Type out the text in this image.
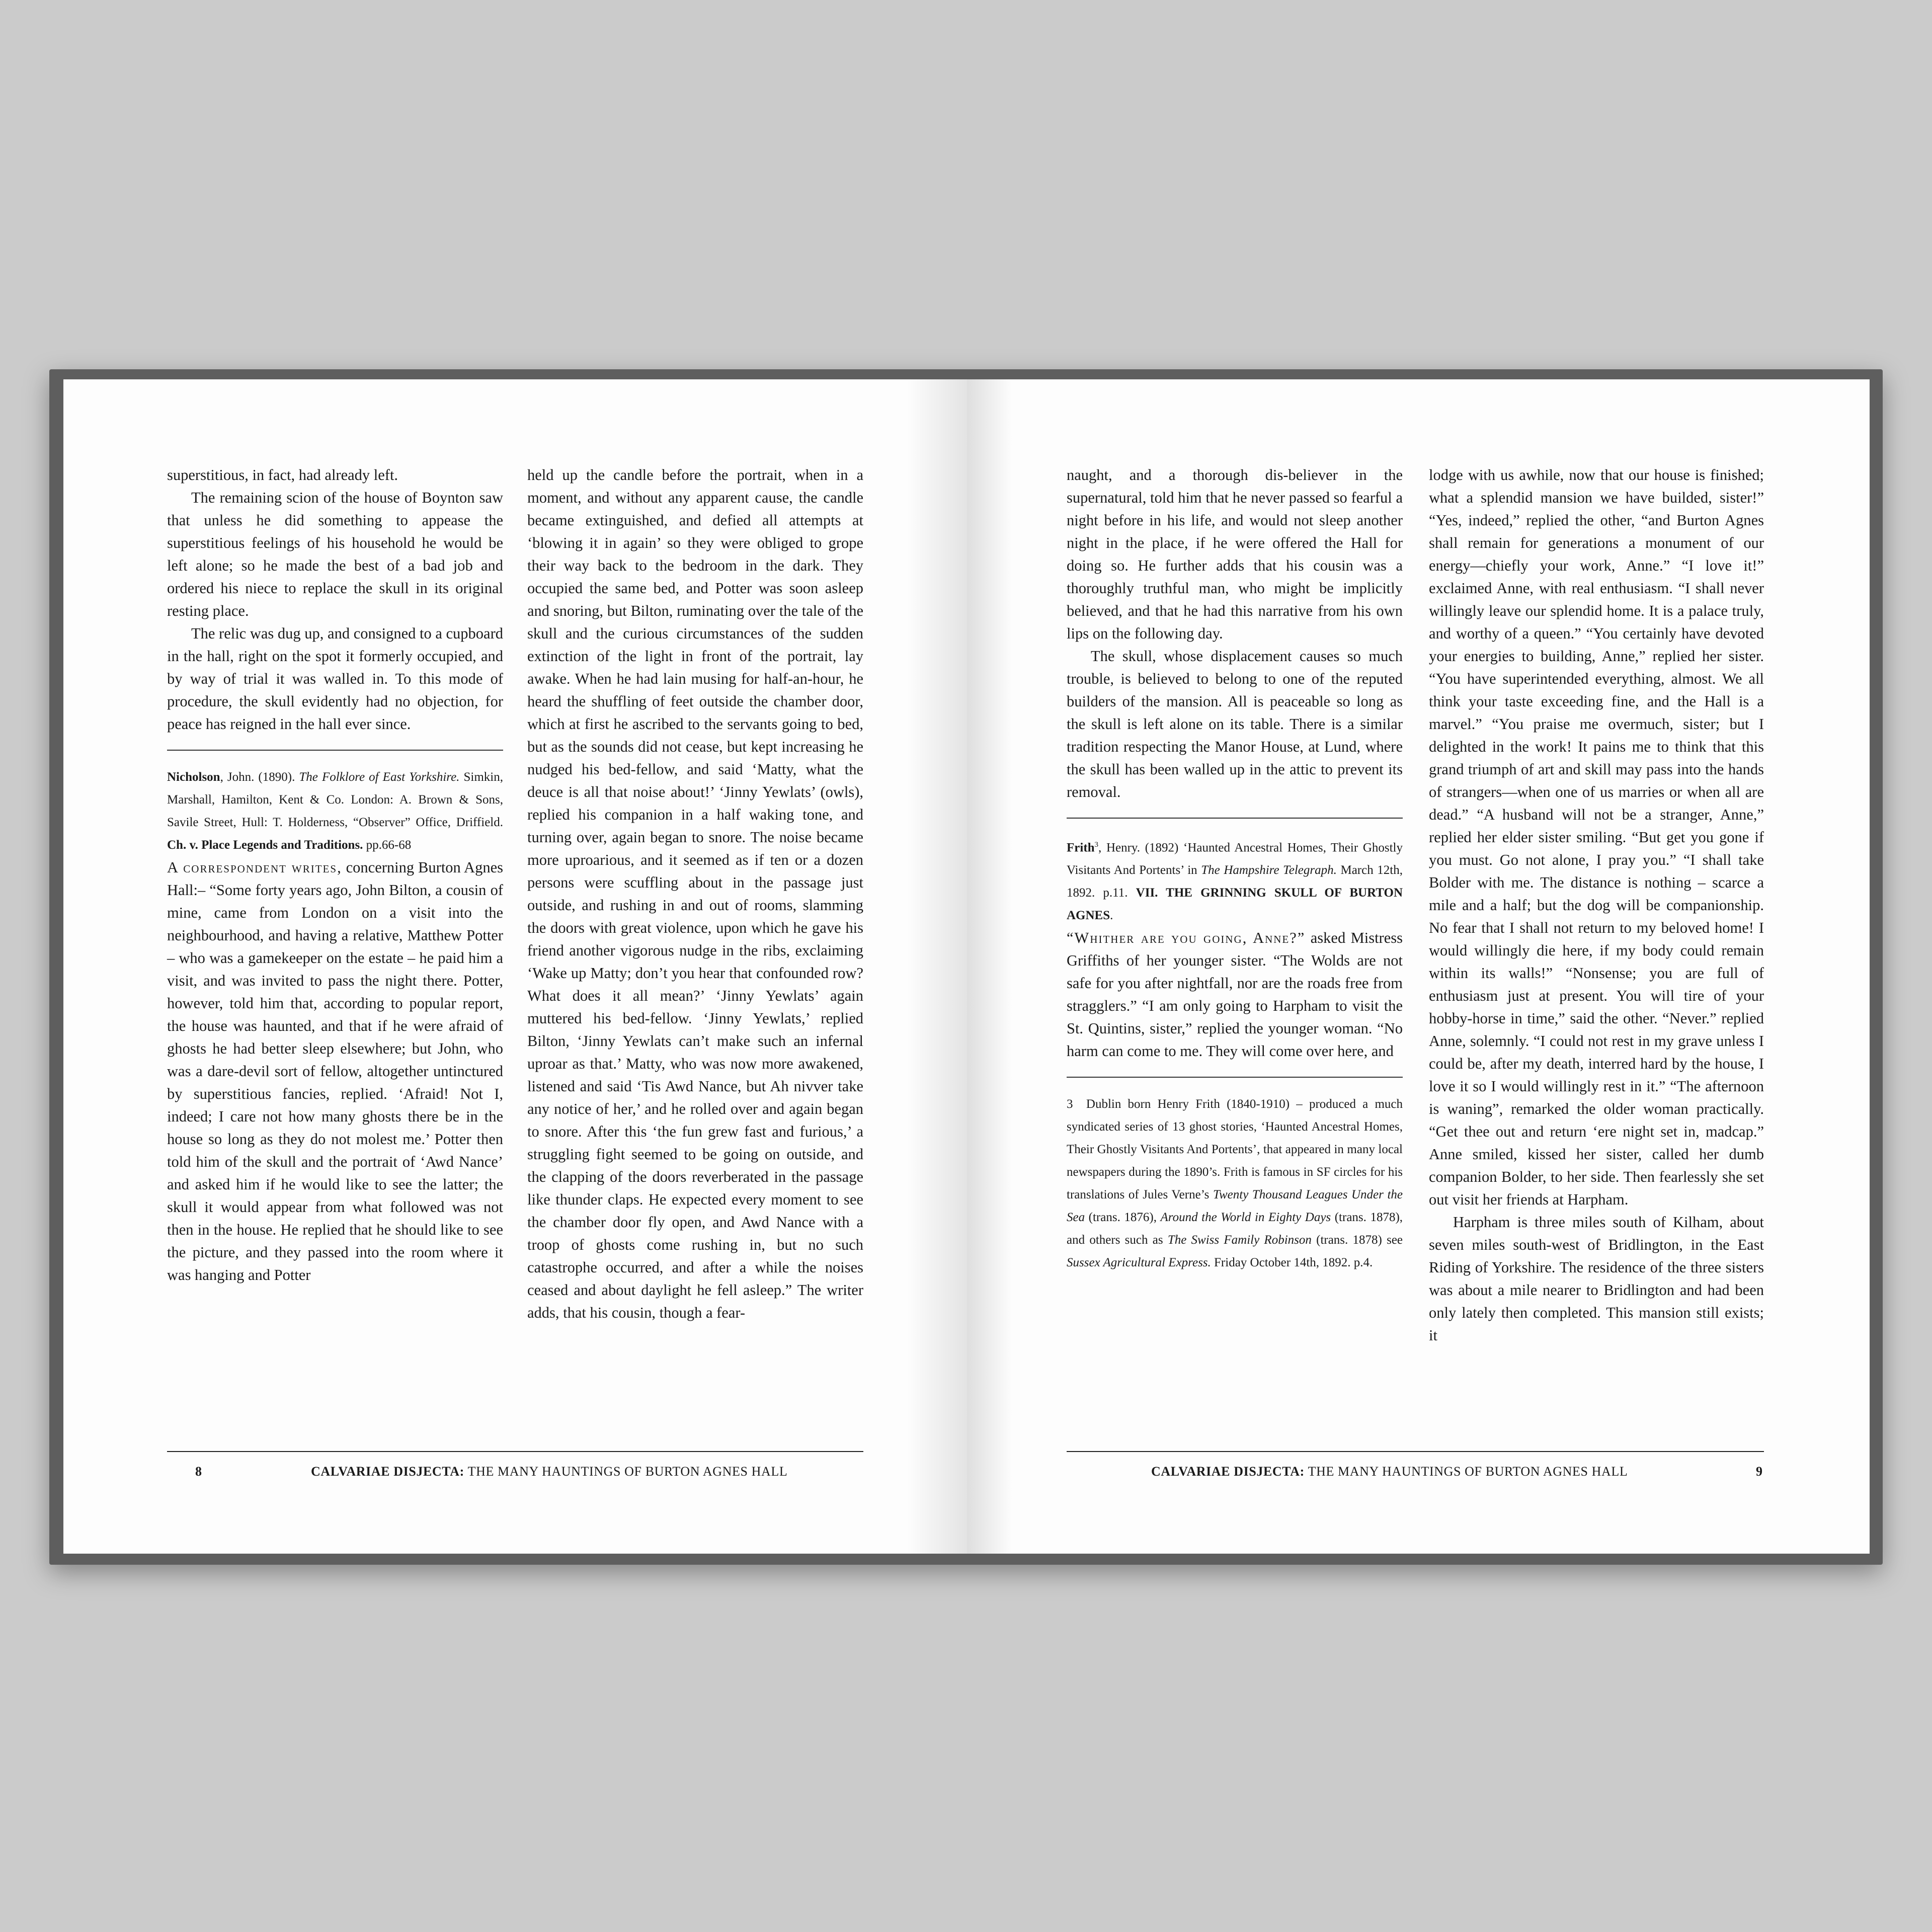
superstitious, in fact, had already left.

The remaining scion of the house of Boynton saw that unless he did something to appease the superstitious feelings of his household he would be left alone; so he made the best of a bad job and ordered his niece to replace the skull in its original resting place.

The relic was dug up, and consigned to a cupboard in the hall, right on the spot it formerly occupied, and by way of trial it was walled in. To this mode of procedure, the skull evidently had no objection, for peace has reigned in the hall ever since.

Nicholson, John. (1890). The Folklore of East Yorkshire. Simkin, Marshall, Hamilton, Kent & Co. London: A. Brown & Sons, Savile Street, Hull: T. Holderness, “Observer” Office, Driffield. Ch. v. Place Legends and Traditions. pp.66-68

A correspondent writes, concerning Burton Agnes Hall:– “Some forty years ago, John Bilton, a cousin of mine, came from London on a visit into the neighbourhood, and having a relative, Matthew Potter – who was a gamekeeper on the estate – he paid him a visit, and was invited to pass the night there. Potter, however, told him that, according to popular report, the house was haunted, and that if he were afraid of ghosts he had better sleep elsewhere; but John, who was a dare-devil sort of fellow, altogether untinctured by superstitious fancies, replied. ‘Afraid! Not I, indeed; I care not how many ghosts there be in the house so long as they do not molest me.’ Potter then told him of the skull and the portrait of ‘Awd Nance’ and asked him if he would like to see the latter; the skull it would appear from what followed was not then in the house. He replied that he should like to see the picture, and they passed into the room where it was hanging and Potter

held up the candle before the portrait, when in a moment, and without any apparent cause, the candle became extinguished, and defied all attempts at ‘blowing it in again’ so they were obliged to grope their way back to the bedroom in the dark. They occupied the same bed, and Potter was soon asleep and snoring, but Bilton, ruminating over the tale of the skull and the curious circumstances of the sudden extinction of the light in front of the portrait, lay awake. When he had lain musing for half-an-hour, he heard the shuffling of feet outside the chamber door, which at first he ascribed to the servants going to bed, but as the sounds did not cease, but kept increasing he nudged his bed-fellow, and said ‘Matty, what the deuce is all that noise about!’ ‘Jinny Yewlats’ (owls), replied his companion in a half waking tone, and turning over, again began to snore. The noise became more uproarious, and it seemed as if ten or a dozen persons were scuffling about in the passage just outside, and rushing in and out of rooms, slamming the doors with great violence, upon which he gave his friend another vigorous nudge in the ribs, exclaiming ‘Wake up Matty; don’t you hear that confounded row? What does it all mean?’ ‘Jinny Yewlats’ again muttered his bed-fellow. ‘Jinny Yewlats,’ replied Bilton, ‘Jinny Yewlats can’t make such an infernal uproar as that.’ Matty, who was now more awakened, listened and said ‘Tis Awd Nance, but Ah nivver take any notice of her,’ and he rolled over and again began to snore. After this ‘the fun grew fast and furious,’ a struggling fight seemed to be going on outside, and the clapping of the doors reverberated in the passage like thunder claps. He expected every moment to see the chamber door fly open, and Awd Nance with a troop of ghosts come rushing in, but no such catastrophe occurred, and after a while the noises ceased and about daylight he fell asleep.” The writer adds, that his cousin, though a fear-

8	CALVARIAE DISJECTA: THE MANY HAUNTINGS OF BURTON AGNES HALL

naught, and a thorough dis-believer in the supernatural, told him that he never passed so fearful a night before in his life, and would not sleep another night in the place, if he were offered the Hall for doing so. He further adds that his cousin was a thoroughly truthful man, who might be implicitly believed, and that he had this narrative from his own lips on the following day.

The skull, whose displacement causes so much trouble, is believed to belong to one of the reputed builders of the mansion. All is peaceable so long as the skull is left alone on its table. There is a similar tradition respecting the Manor House, at Lund, where the skull has been walled up in the attic to prevent its removal.

Frith$^3$, Henry. (1892) ‘Haunted Ancestral Homes, Their Ghostly Visitants And Portents’ in The Hampshire Telegraph. March 12th, 1892. p.11. VII. THE GRINNING SKULL OF BURTON AGNES.

“Whither are you going, Anne?” asked Mistress Griffiths of her younger sister. “The Wolds are not safe for you after nightfall, nor are the roads free from stragglers.” “I am only going to Harpham to visit the St. Quintins, sister,” replied the younger woman. “No harm can come to me. They will come over here, and

3 Dublin born Henry Frith (1840-1910) – produced a much syndicated series of 13 ghost stories, ‘Haunted Ancestral Homes, Their Ghostly Visitants And Portents’, that appeared in many local newspapers during the 1890’s. Frith is famous in SF circles for his translations of Jules Verne’s Twenty Thousand Leagues Under the Sea (trans. 1876), Around the World in Eighty Days (trans. 1878), and others such as The Swiss Family Robinson (trans. 1878) see Sussex Agricultural Express. Friday October 14th, 1892. p.4.

lodge with us awhile, now that our house is finished; what a splendid mansion we have builded, sister!” “Yes, indeed,” replied the other, “and Burton Agnes shall remain for generations a monument of our energy—chiefly your work, Anne.” “I love it!” exclaimed Anne, with real enthusiasm. “I shall never willingly leave our splendid home. It is a palace truly, and worthy of a queen.” “You certainly have devoted your energies to building, Anne,” replied her sister. “You have superintended everything, almost. We all think your taste exceeding fine, and the Hall is a marvel.” “You praise me overmuch, sister; but I delighted in the work! It pains me to think that this grand triumph of art and skill may pass into the hands of strangers—when one of us marries or when all are dead.” “A husband will not be a stranger, Anne,” replied her elder sister smiling. “But get you gone if you must. Go not alone, I pray you.” “I shall take Bolder with me. The distance is nothing – scarce a mile and a half; but the dog will be companionship. No fear that I shall not return to my beloved home! I would willingly die here, if my body could remain within its walls!” “Nonsense; you are full of enthusiasm just at present. You will tire of your hobby-horse in time,” said the other. “Never.” replied Anne, solemnly. “I could not rest in my grave unless I could be, after my death, interred hard by the house, I love it so I would willingly rest in it.” “The afternoon is waning”, remarked the older woman practically. “Get thee out and return ‘ere night set in, madcap.” Anne smiled, kissed her sister, called her dumb companion Bolder, to her side. Then fearlessly she set out visit her friends at Harpham.

Harpham is three miles south of Kilham, about seven miles south-west of Bridlington, in the East Riding of Yorkshire. The residence of the three sisters was about a mile nearer to Bridlington and had been only lately then completed. This mansion still exists; it

CALVARIAE DISJECTA: THE MANY HAUNTINGS OF BURTON AGNES HALL	9
